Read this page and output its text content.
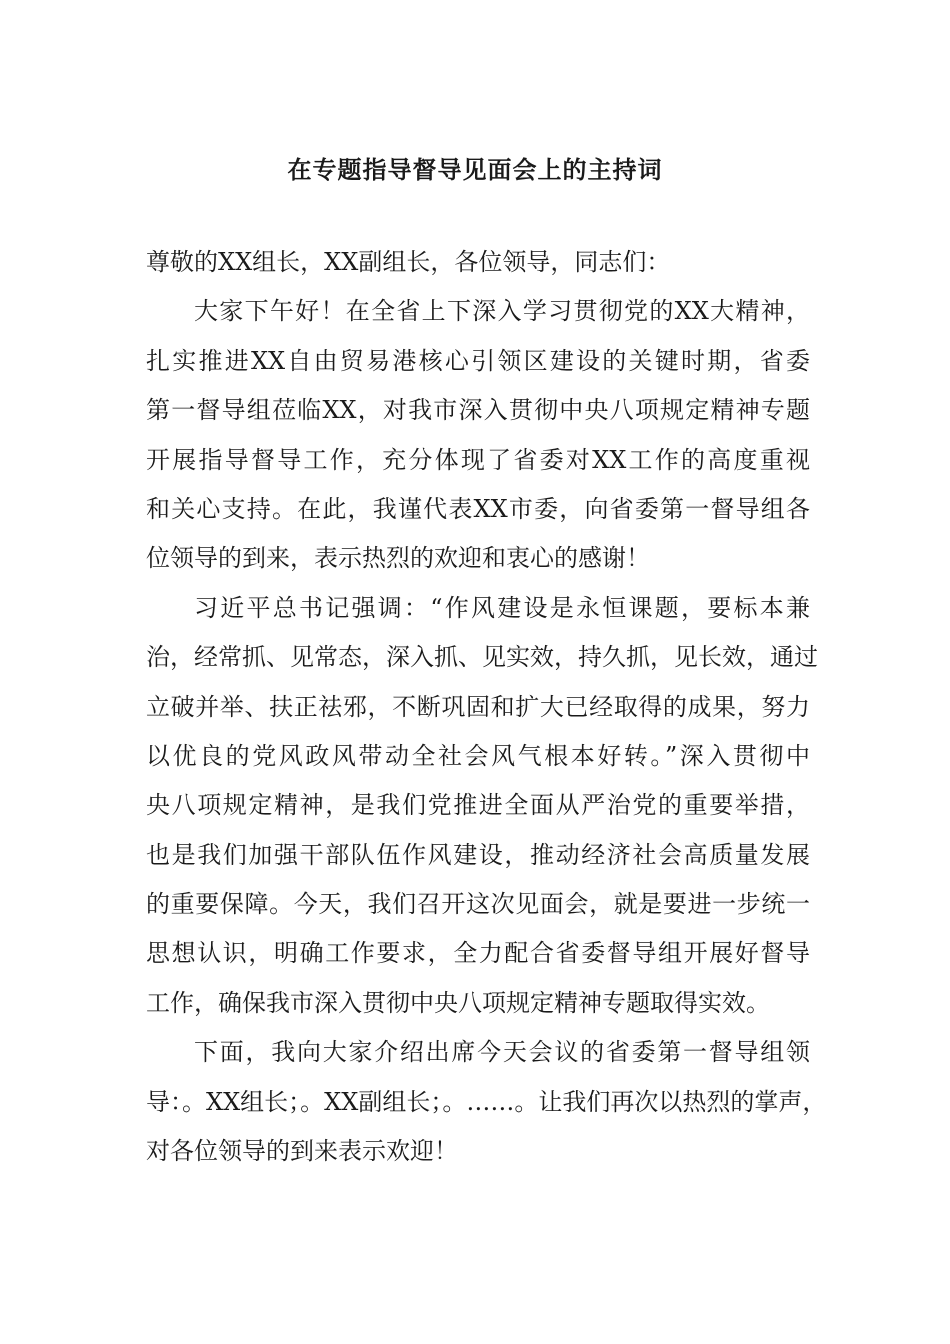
在专题指导督导见面会上的主持词
尊敬的XX组长，XX副组长，各位领导，同志们：
大家下午好！在全省上下深入学习贯彻党的XX大精神，
扎实推进XX自由贸易港核心引领区建设的关键时期，省委
第一督导组莅临XX，对我市深入贯彻中央八项规定精神专题
开展指导督导工作，充分体现了省委对XX工作的高度重视
和关心支持。在此，我谨代表XX市委，向省委第一督导组各
位领导的到来，表示热烈的欢迎和衷心的感谢！
习近平总书记强调：“作风建设是永恒课题，要标本兼
治，经常抓、见常态，深入抓、见实效，持久抓，见长效，通过
立破并举、扶正祛邪，不断巩固和扩大已经取得的成果，努力
以优良的党风政风带动全社会风气根本好转。”深入贯彻中
央八项规定精神，是我们党推进全面从严治党的重要举措，
也是我们加强干部队伍作风建设，推动经济社会高质量发展
的重要保障。今天，我们召开这次见面会，就是要进一步统一
思想认识，明确工作要求，全力配合省委督导组开展好督导
工作，确保我市深入贯彻中央八项规定精神专题取得实效。
下面，我向大家介绍出席今天会议的省委第一督导组领
导：。XX组长；。XX副组长；。……。让我们再次以热烈的掌声，
对各位领导的到来表示欢迎！
